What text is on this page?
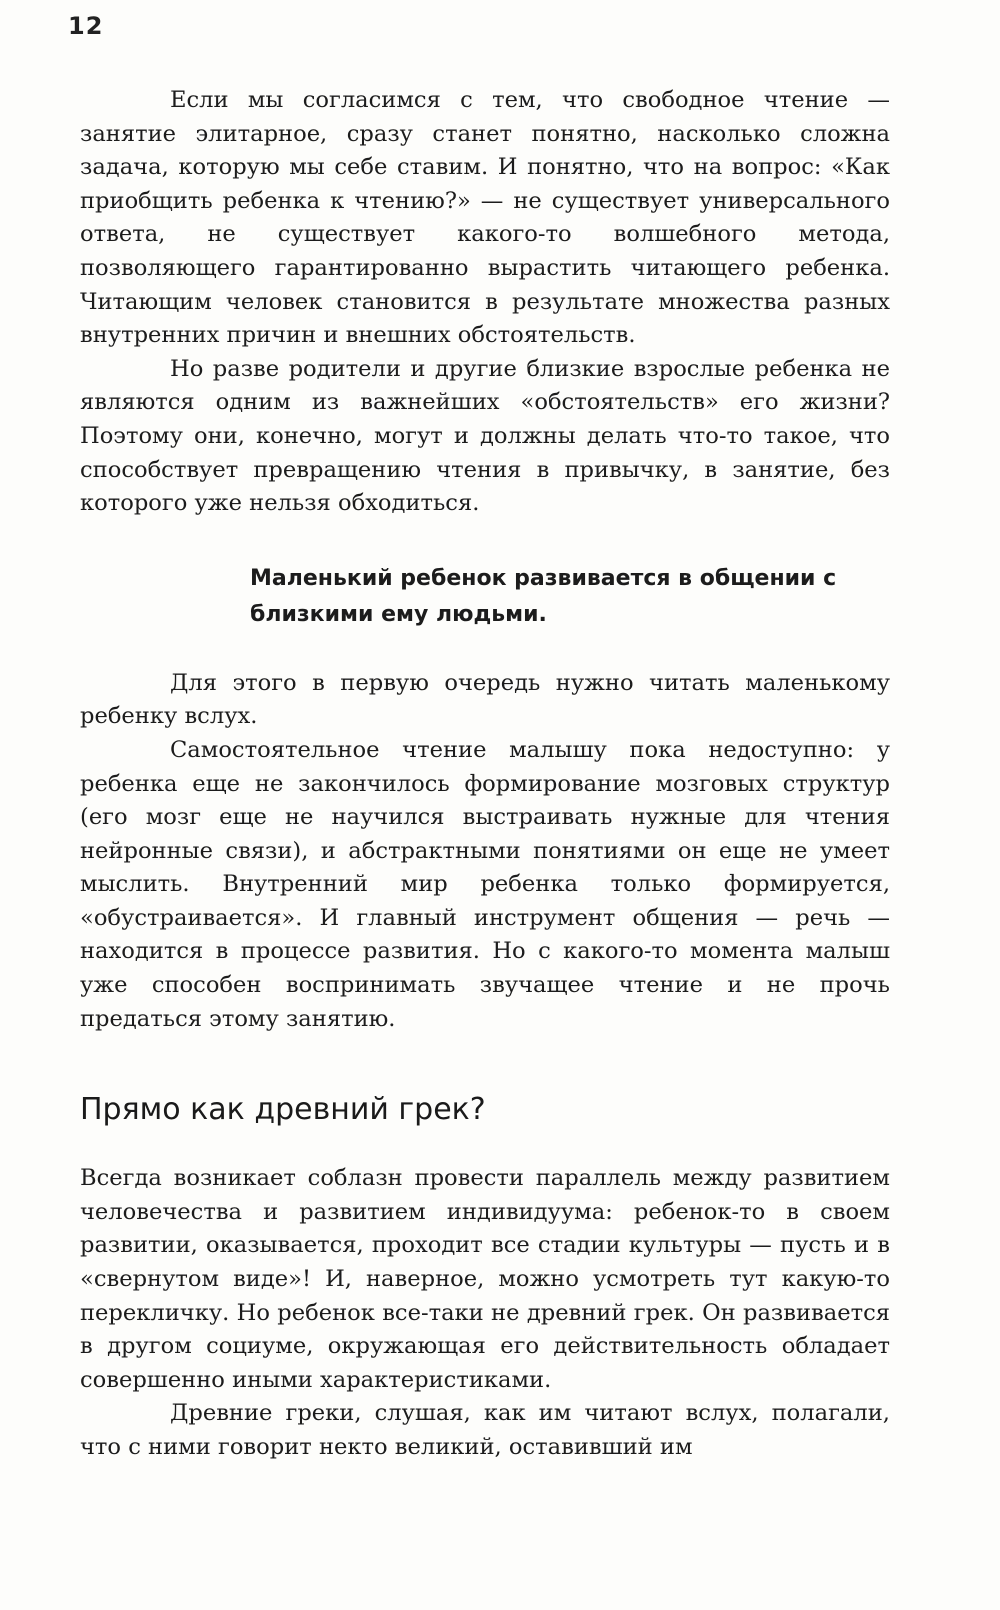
12

Если мы согласимся с тем, что свободное чтение — занятие элитарное, сразу станет понятно, насколько сложна задача, которую мы себе ставим. И понятно, что на вопрос: «Как приобщить ребенка к чтению?» — не существует универсального ответа, не существует какого-то волшебного метода, позволяющего гарантированно вырастить читающего ребенка. Читающим человек становится в результате множества разных внутренних причин и внешних обстоятельств.

Но разве родители и другие близкие взрослые ребенка не являются одним из важнейших «обстоятельств» его жизни? Поэтому они, конечно, могут и должны делать что-то такое, что способствует превращению чтения в привычку, в занятие, без которого уже нельзя обходиться.

Маленький ребенок развивается в общении с близкими ему людьми.

Для этого в первую очередь нужно читать маленькому ребенку вслух.

Самостоятельное чтение малышу пока недоступно: у ребенка еще не закончилось формирование мозговых структур (его мозг еще не научился выстраивать нужные для чтения нейронные связи), и абстрактными понятиями он еще не умеет мыслить. Внутренний мир ребенка только формируется, «обустраивается». И главный инструмент общения — речь — находится в процессе развития. Но с какого-то момента малыш уже способен воспринимать звучащее чтение и не прочь предаться этому занятию.

Прямо как древний грек?

Всегда возникает соблазн провести параллель между развитием человечества и развитием индивидуума: ребенок-то в своем развитии, оказывается, проходит все стадии культуры — пусть и в «свернутом виде»! И, наверное, можно усмотреть тут какую-то перекличку. Но ребенок все-таки не древний грек. Он развивается в другом социуме, окружающая его действительность обладает совершенно иными характеристиками.

Древние греки, слушая, как им читают вслух, полагали, что с ними говорит некто великий, оставивший им
